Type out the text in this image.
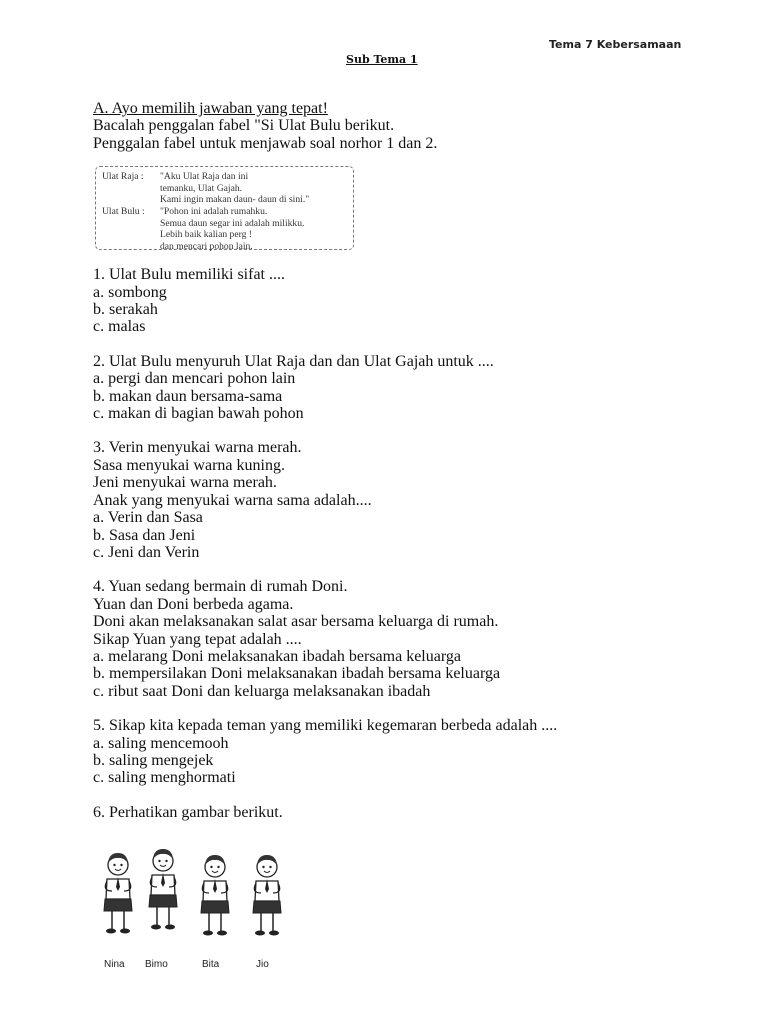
Tema 7 Kebersamaan
Sub Tema 1
A. Ayo memilih jawaban yang tepat!
Bacalah penggalan fabel "Si Ulat Bulu berikut.
Penggalan fabel untuk menjawab soal norhor 1 dan 2.
Ulat Raja :	"Aku Ulat Raja dan ini
temanku, Ulat Gajah.
Kami ingin makan daun- daun di sini."
Ulat Bulu :	"Pohon ini adalah rumahku.
Semua daun segar ini adalah milikku.
Lebih baik kalian perg !
dan mencari pohon lain.
1. Ulat Bulu memiliki sifat ....
a. sombong
b. serakah
c. malas
2. Ulat Bulu menyuruh Ulat Raja dan dan Ulat Gajah untuk ....
a. pergi dan mencari pohon lain
b. makan daun bersama-sama
c. makan di bagian bawah pohon
3. Verin menyukai warna merah.
Sasa menyukai warna kuning.
Jeni menyukai warna merah.
Anak yang menyukai warna sama adalah....
a. Verin dan Sasa
b. Sasa dan Jeni
c. Jeni dan Verin
4. Yuan sedang bermain di rumah Doni.
Yuan dan Doni berbeda agama.
Doni akan melaksanakan salat asar bersama keluarga di rumah.
Sikap Yuan yang tepat adalah ....
a. melarang Doni melaksanakan ibadah bersama keluarga
b. mempersilakan Doni melaksanakan ibadah bersama keluarga
c. ribut saat Doni dan keluarga melaksanakan ibadah
5. Sikap kita kepada teman yang memiliki kegemaran berbeda adalah ....
a. saling mencemooh
b. saling mengejek
c. saling menghormati
6. Perhatikan gambar berikut.
Nina Bimo	Bita	Jio
